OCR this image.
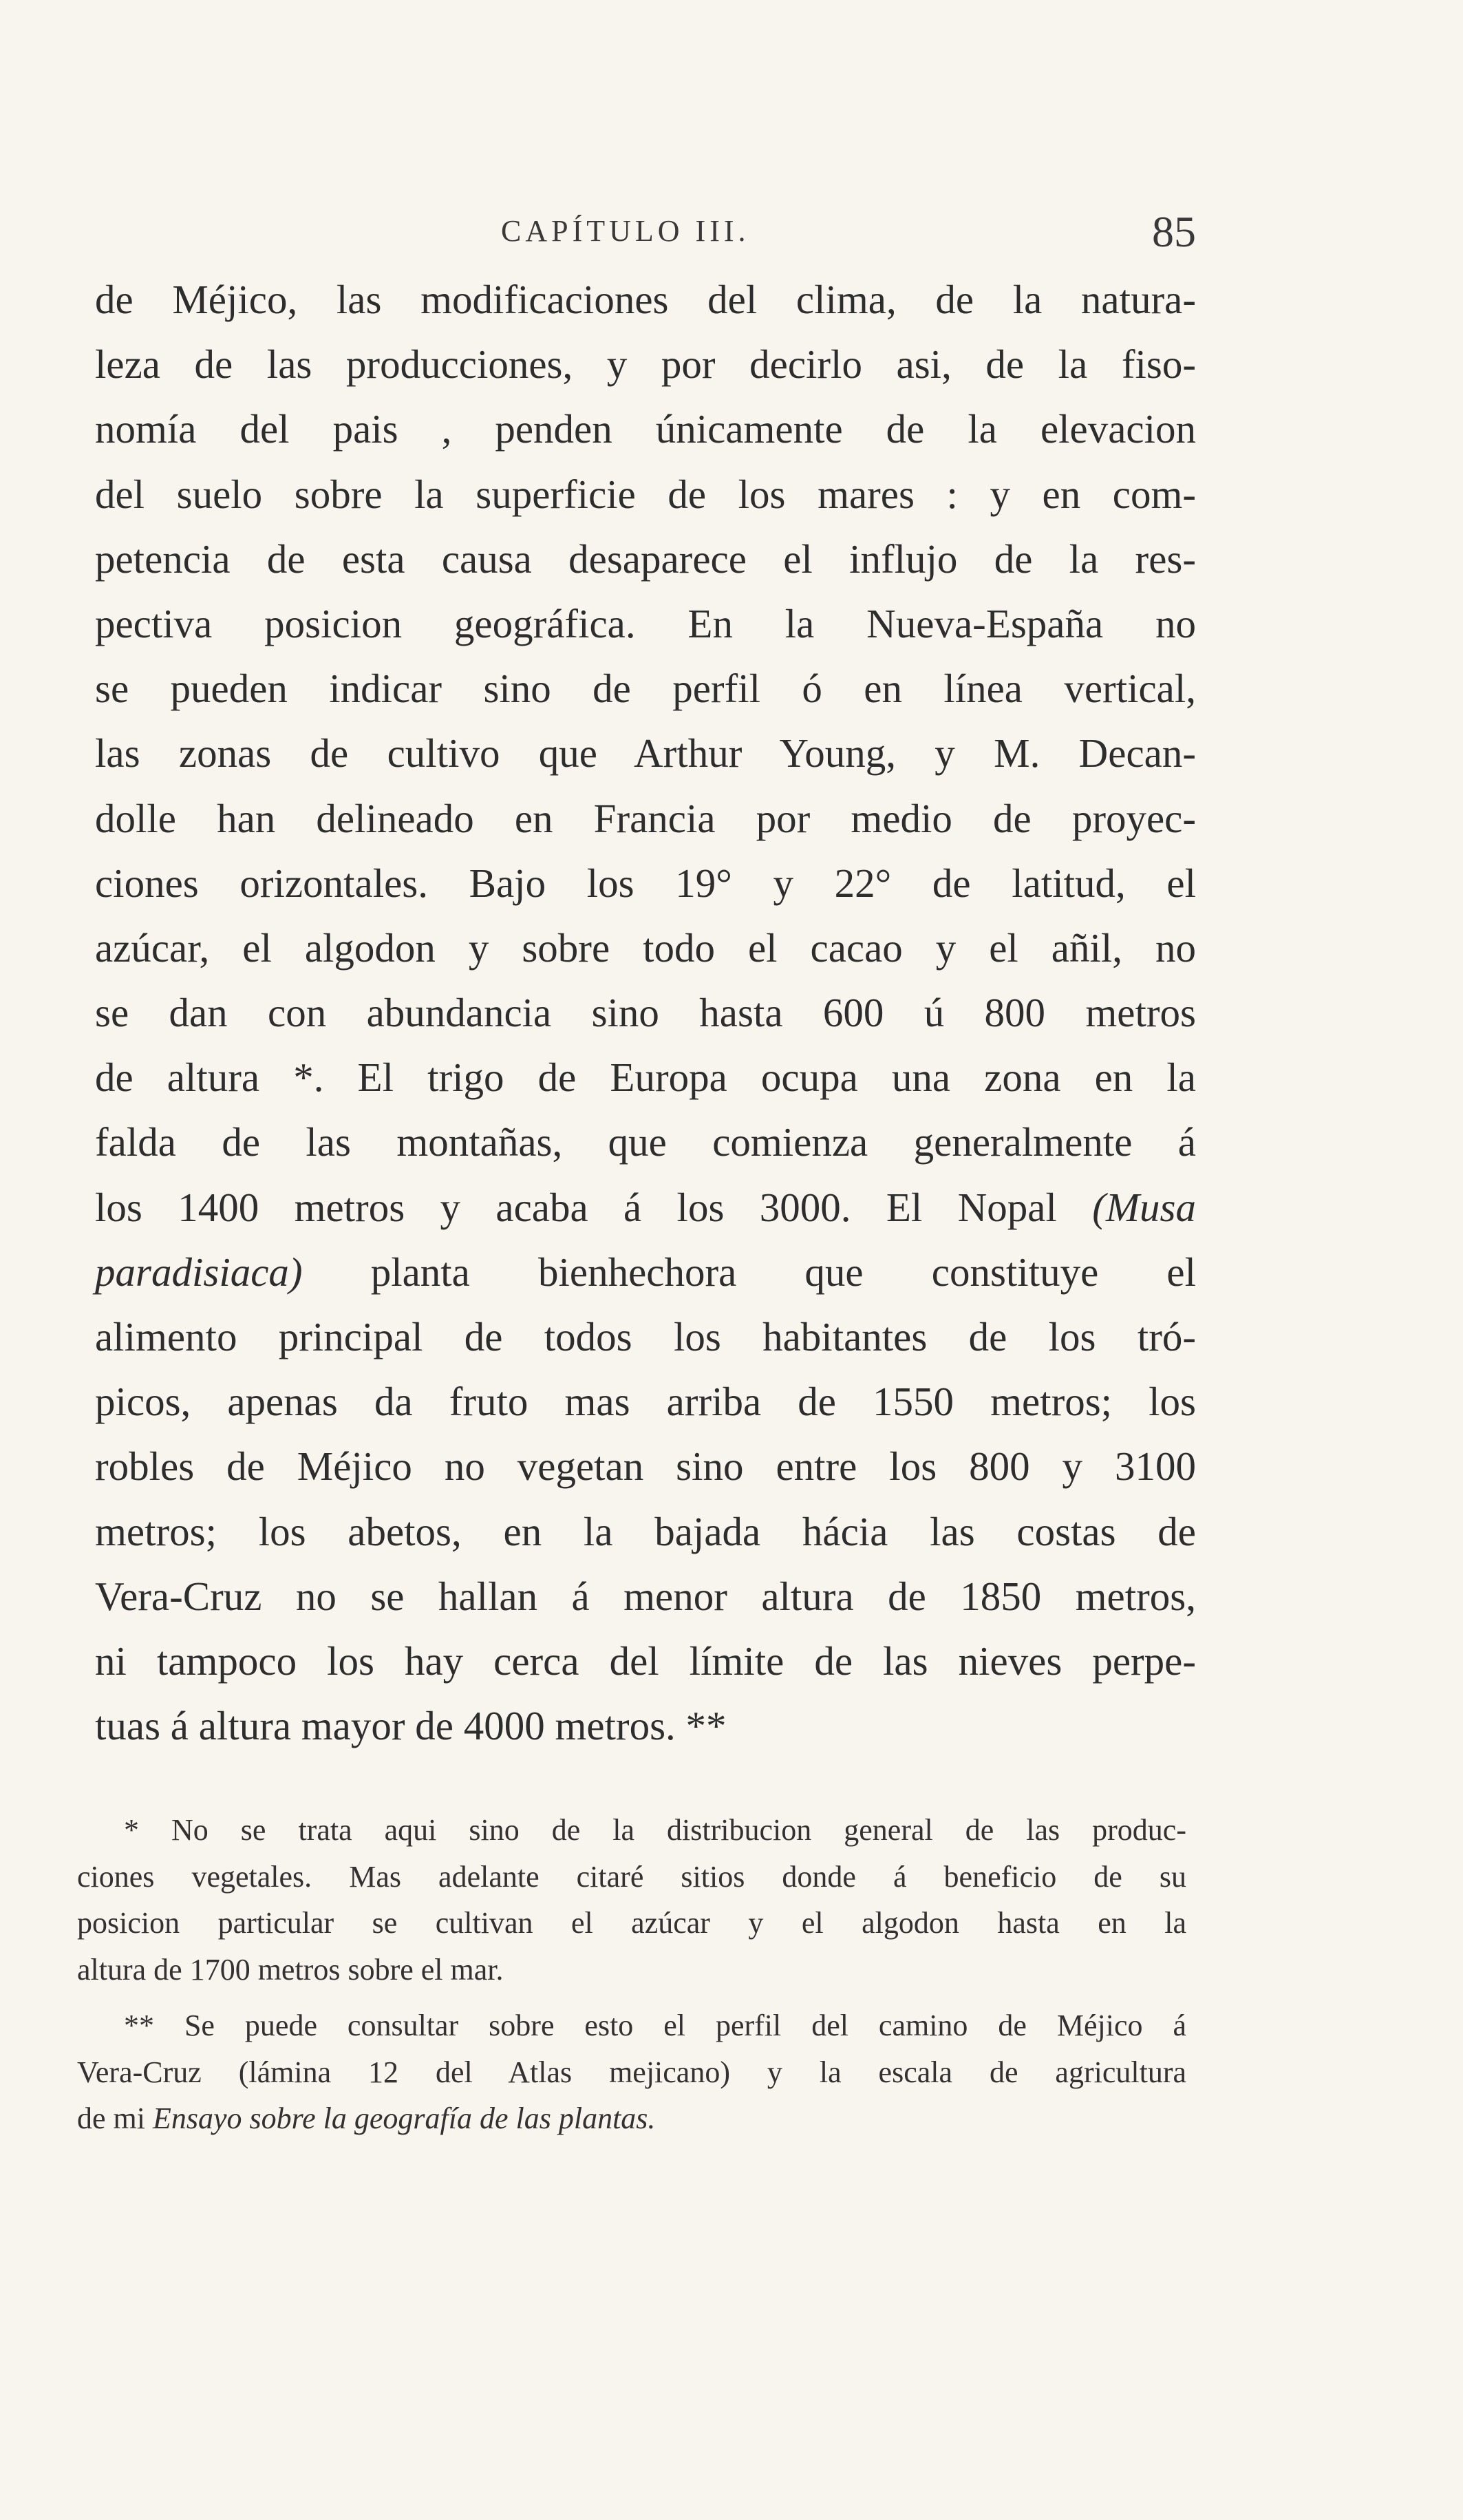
CAPÍTULO III.	85
de Méjico, las modificaciones del clima, de la natura-
leza de las producciones, y por decirlo asi, de la fiso-
nomía del pais , penden únicamente de la elevacion
del suelo sobre la superficie de los mares : y en com-
petencia de esta causa desaparece el influjo de la res-
pectiva posicion geográfica. En la Nueva-España no
se pueden indicar sino de perfil ó en línea vertical,
las zonas de cultivo que Arthur Young, y M. Decan-
dolle han delineado en Francia por medio de proyec-
ciones orizontales. Bajo los 19° y 22° de latitud, el
azúcar, el algodon y sobre todo el cacao y el añil, no
se dan con abundancia sino hasta 600 ú 800 metros
de altura *. El trigo de Europa ocupa una zona en la
falda de las montañas, que comienza generalmente á
los 1400 metros y acaba á los 3000. El Nopal (Musa
paradisiaca) planta bienhechora que constituye el
alimento principal de todos los habitantes de los tró-
picos, apenas da fruto mas arriba de 1550 metros; los
robles de Méjico no vegetan sino entre los 800 y 3100
metros; los abetos, en la bajada hácia las costas de
Vera-Cruz no se hallan á menor altura de 1850 metros,
ni tampoco los hay cerca del límite de las nieves perpe-
tuas á altura mayor de 4000 metros. **
* No se trata aqui sino de la distribucion general de las produc-
ciones vegetales. Mas adelante citaré sitios donde á beneficio de su
posicion particular se cultivan el azúcar y el algodon hasta en la
altura de 1700 metros sobre el mar.
** Se puede consultar sobre esto el perfil del camino de Méjico á
Vera-Cruz (lámina 12 del Atlas mejicano) y la escala de agricultura
de mi Ensayo sobre la geografía de las plantas.
